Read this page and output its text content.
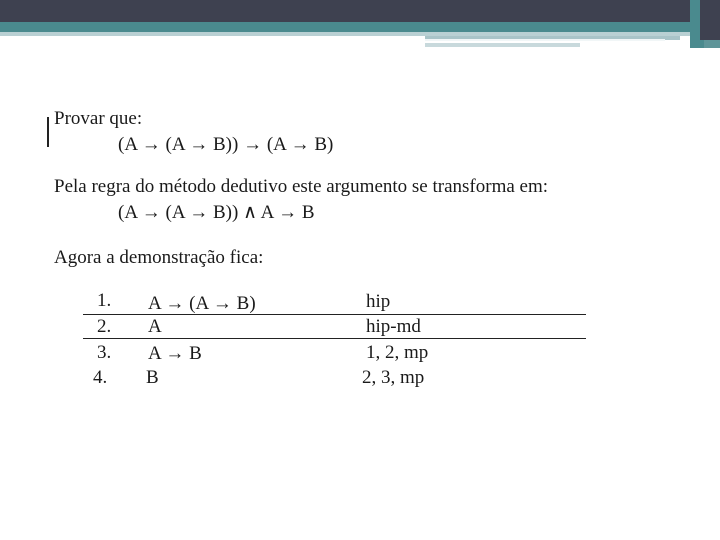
Provar que:
(A → (A → B)) → (A → B)
Pela regra do método dedutivo este argumento se transforma em:
(A → (A → B)) ∧ A → B
Agora a demonstração fica:
1. A → (A → B)	hip
2. A	hip-md
3. A → B	1, 2, mp
4. B	2, 3, mp
